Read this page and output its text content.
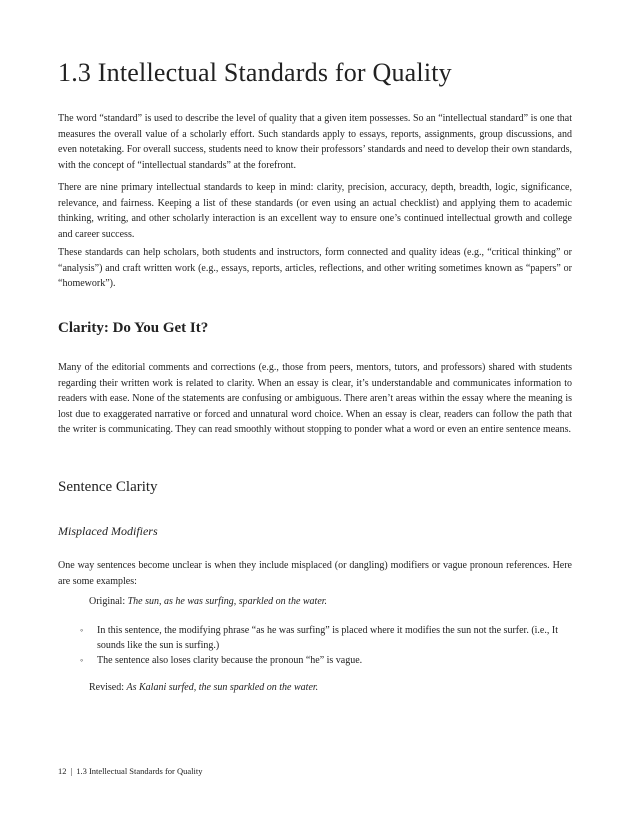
1.3 Intellectual Standards for Quality

The word “standard” is used to describe the level of quality that a given item possesses. So an “intellectual standard” is one that measures the overall value of a scholarly effort. Such standards apply to essays, reports, assignments, group discussions, and even notetaking. For overall success, students need to know their professors’ standards and need to develop their own standards, with the concept of “intellectual standards” at the forefront.

There are nine primary intellectual standards to keep in mind: clarity, precision, accuracy, depth, breadth, logic, significance, relevance, and fairness. Keeping a list of these standards (or even using an actual checklist) and applying them to academic thinking, writing, and other scholarly interaction is an excellent way to ensure one’s continued intellectual growth and college and career success.

These standards can help scholars, both students and instructors, form connected and quality ideas (e.g., “critical thinking” or “analysis”) and craft written work (e.g., essays, reports, articles, reflections, and other writing sometimes known as “papers” or “homework”).

Clarity: Do You Get It?

Many of the editorial comments and corrections (e.g., those from peers, mentors, tutors, and professors) shared with students regarding their written work is related to clarity. When an essay is clear, it’s understandable and communicates information to readers with ease. None of the statements are confusing or ambiguous. There aren’t areas within the essay where the meaning is lost due to exaggerated narrative or forced and unnatural word choice. When an essay is clear, readers can follow the path that the writer is communicating. They can read smoothly without stopping to ponder what a word or even an entire sentence means.

Sentence Clarity
Misplaced Modifiers

One way sentences become unclear is when they include misplaced (or dangling) modifiers or vague pronoun references. Here are some examples:

Original: The sun, as he was surfing, sparkled on the water.
◦ In this sentence, the modifying phrase “as he was surfing” is placed where it modifies the sun not the surfer. (i.e., It sounds like the sun is surfing.)
◦ The sentence also loses clarity because the pronoun “he” is vague.
Revised: As Kalani surfed, the sun sparkled on the water.
12 | 1.3 Intellectual Standards for Quality
